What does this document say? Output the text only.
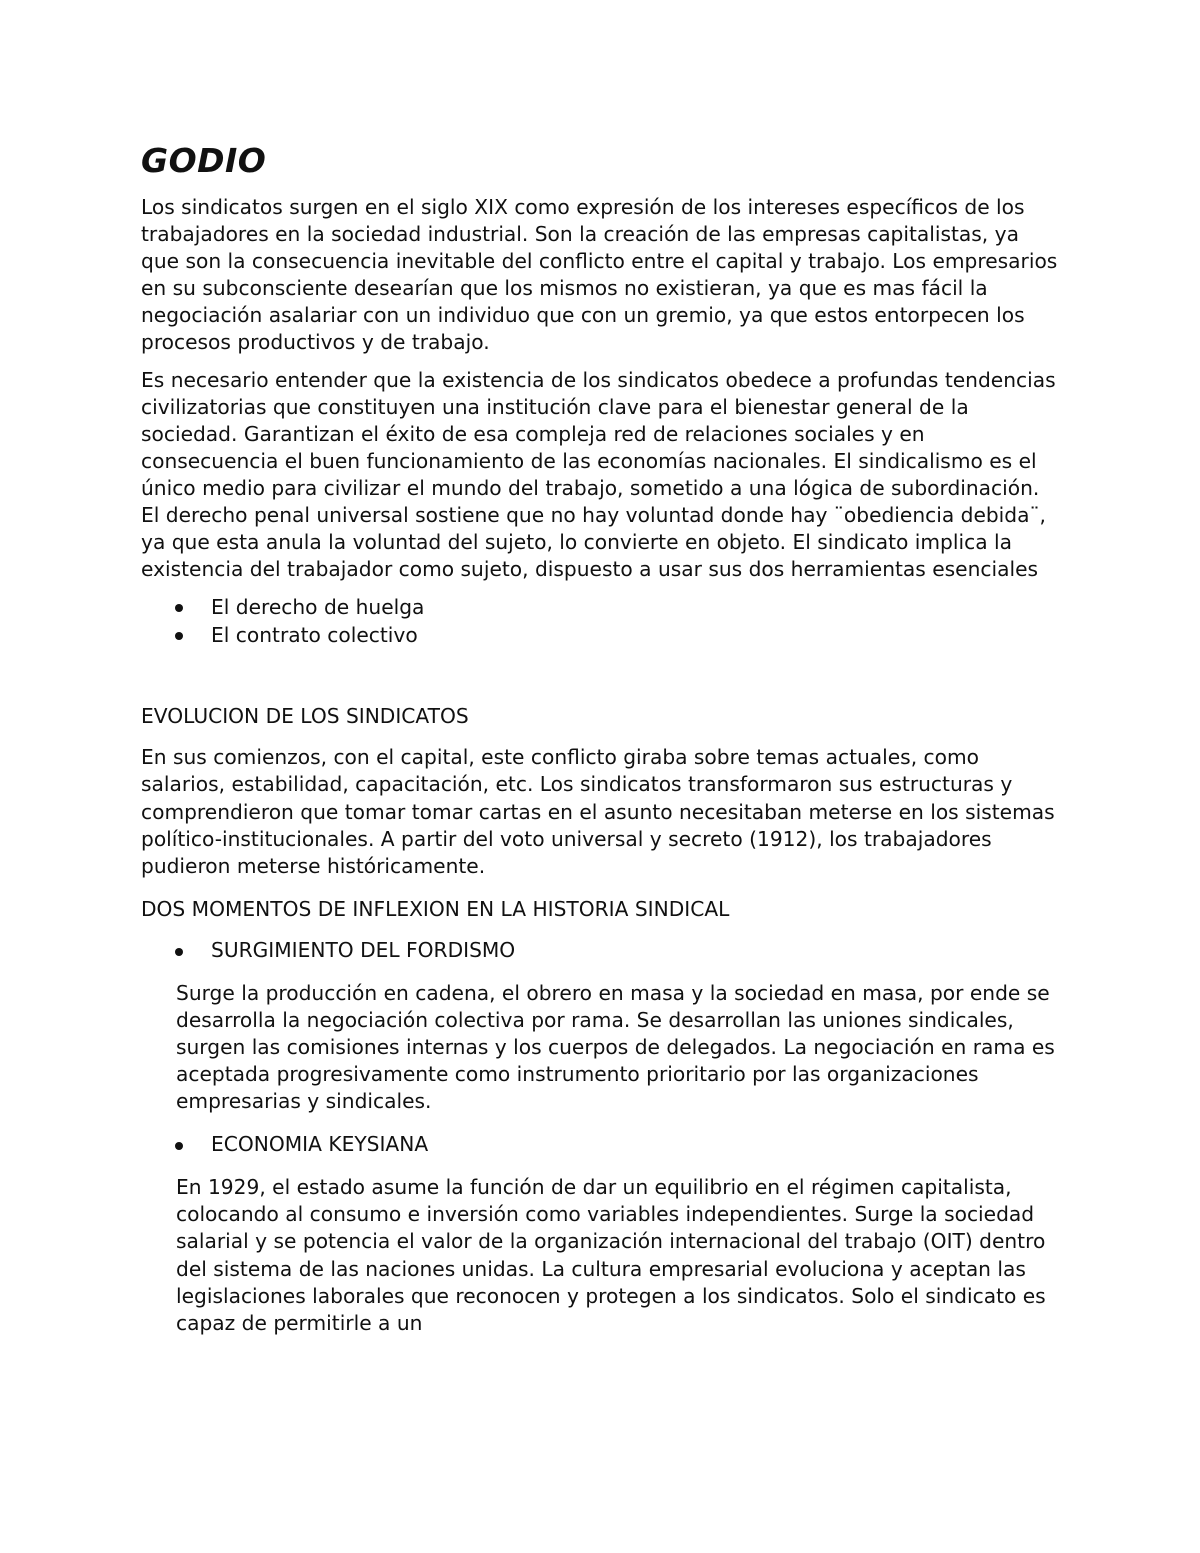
GODIO

Los sindicatos surgen en el siglo XIX como expresión de los intereses específicos de los trabajadores en la sociedad industrial. Son la creación de las empresas capitalistas, ya que son la consecuencia inevitable del conflicto entre el capital y trabajo. Los empresarios en su subconsciente desearían que los mismos no existieran, ya que es mas fácil la negociación asalariar con un individuo que con un gremio, ya que estos entorpecen los procesos productivos y de trabajo.

Es necesario entender que la existencia de los sindicatos obedece a profundas tendencias civilizatorias que constituyen una institución clave para el bienestar general de la sociedad. Garantizan el éxito de esa compleja red de relaciones sociales y en consecuencia el buen funcionamiento de las economías nacionales. El sindicalismo es el único medio para civilizar el mundo del trabajo, sometido a una lógica de subordinación. El derecho penal universal sostiene que no hay voluntad donde hay ¨obediencia debida¨, ya que esta anula la voluntad del sujeto, lo convierte en objeto. El sindicato implica la existencia del trabajador como sujeto, dispuesto a usar sus dos herramientas esenciales

El derecho de huelga
El contrato colectivo
EVOLUCION DE LOS SINDICATOS

En sus comienzos, con el capital, este conflicto giraba sobre temas actuales, como salarios, estabilidad, capacitación, etc. Los sindicatos transformaron sus estructuras y comprendieron que tomar tomar cartas en el asunto necesitaban meterse en los sistemas político-institucionales. A partir del voto universal y secreto (1912), los trabajadores pudieron meterse históricamente.

DOS MOMENTOS DE INFLEXION EN LA HISTORIA SINDICAL
SURGIMIENTO DEL FORDISMO

Surge la producción en cadena, el obrero en masa y la sociedad en masa, por ende se desarrolla la negociación colectiva por rama. Se desarrollan las uniones sindicales, surgen las comisiones internas y los cuerpos de delegados. La negociación en rama es aceptada progresivamente como instrumento prioritario por las organizaciones empresarias y sindicales.

ECONOMIA KEYSIANA

En 1929, el estado asume la función de dar un equilibrio en el régimen capitalista, colocando al consumo e inversión como variables independientes. Surge la sociedad salarial y se potencia el valor de la organización internacional del trabajo (OIT) dentro del sistema de las naciones unidas. La cultura empresarial evoluciona y aceptan las legislaciones laborales que reconocen y protegen a los sindicatos. Solo el sindicato es capaz de permitirle a un
